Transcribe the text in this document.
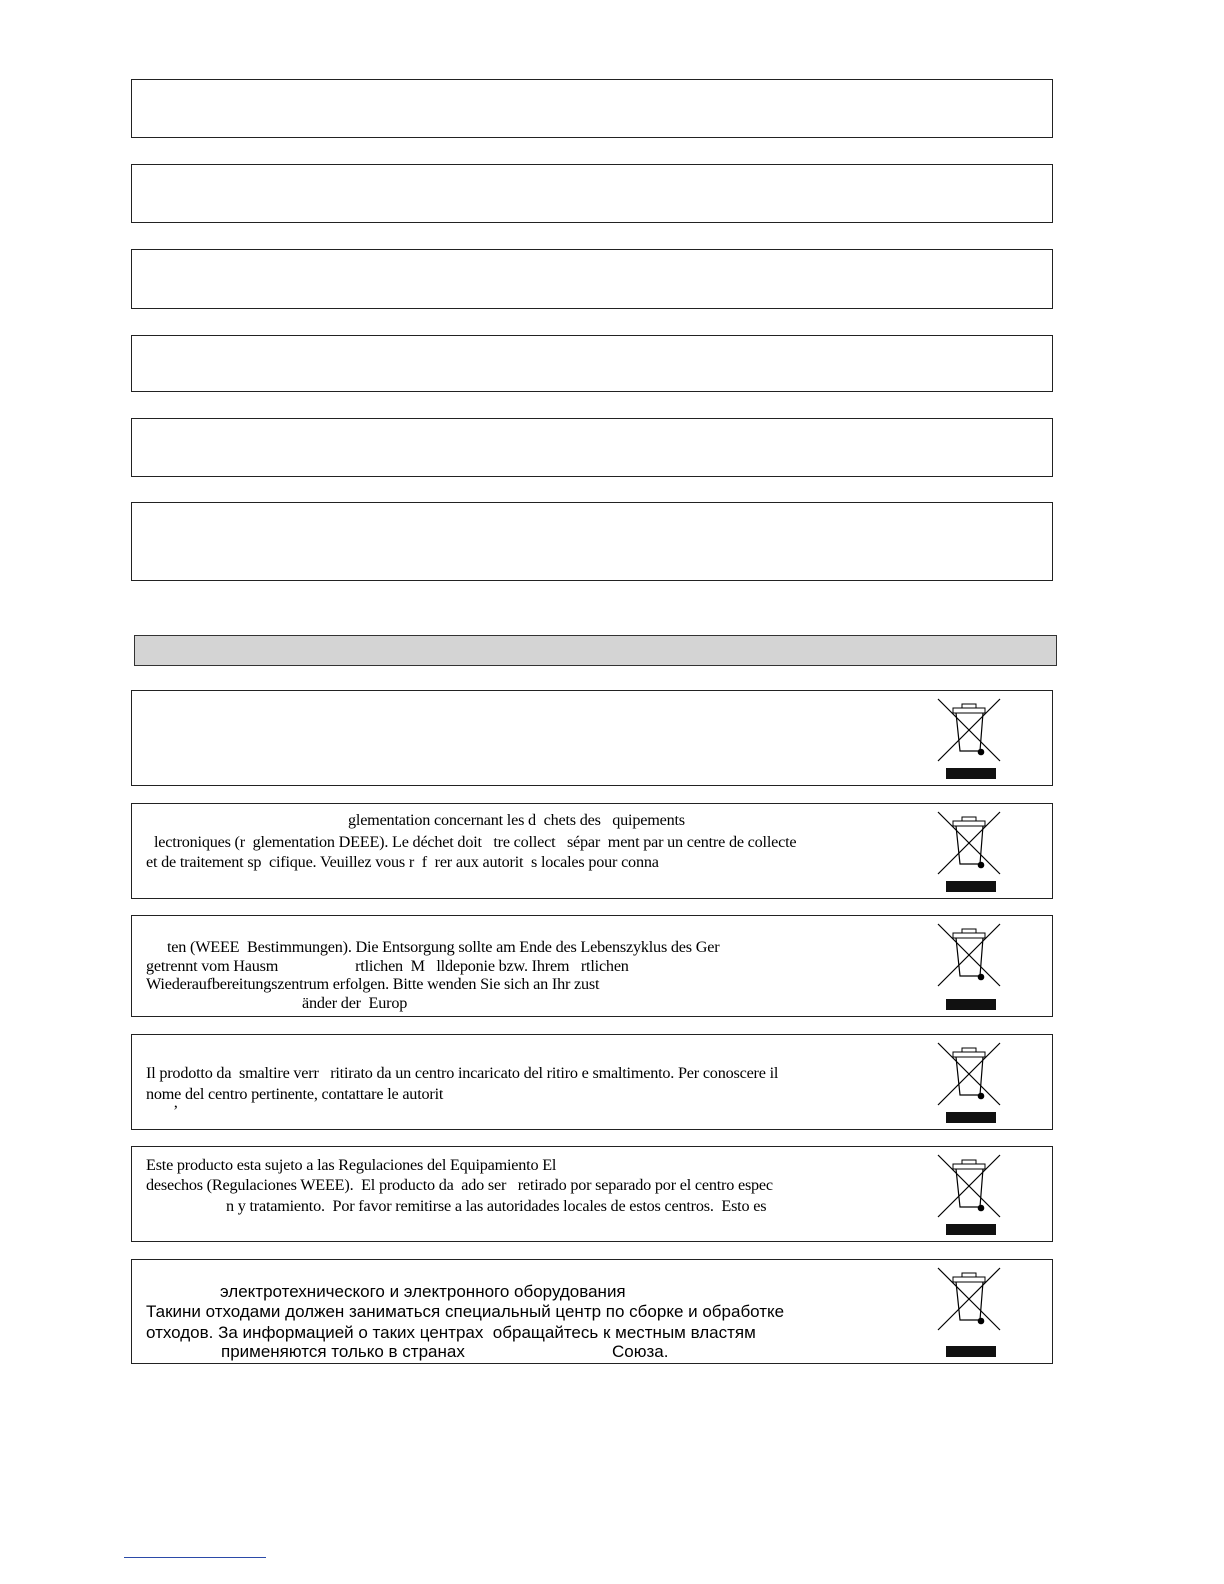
glementation concernant les d  chets des   quipements

lectroniques (r  glementation DEEE). Le déchet doit   tre collect   sépar  ment par un centre de collecte

et de traitement sp  cifique. Veuillez vous r  f  rer aux autorit  s locales pour conna

ten (WEEE  Bestimmungen). Die Entsorgung sollte am Ende des Lebenszyklus des Ger

getrennt vom Hausm                    rtlichen  M   lldeponie bzw. Ihrem   rtlichen

Wiederaufbereitungszentrum erfolgen. Bitte wenden Sie sich an Ihr zust

änder der  Europ

Il prodotto da  smaltire verr   ritirato da un centro incaricato del ritiro e smaltimento. Per conoscere il

nome del centro pertinente, contattare le autorit

’

Este producto esta sujeto a las Regulaciones del Equipamiento El

desechos (Regulaciones WEEE).  El producto da  ado ser   retirado por separado por el centro espec

n y tratamiento.  Por favor remitirse a las autoridades locales de estos centros.  Esto es

электротехнического и электронного оборудования

Такини отходами должен заниматься специальный центр по сборке и обработке

отходов. За информацией о таких центрах  обращайтесь к местным властям

применяются только в странах

	Союза.
